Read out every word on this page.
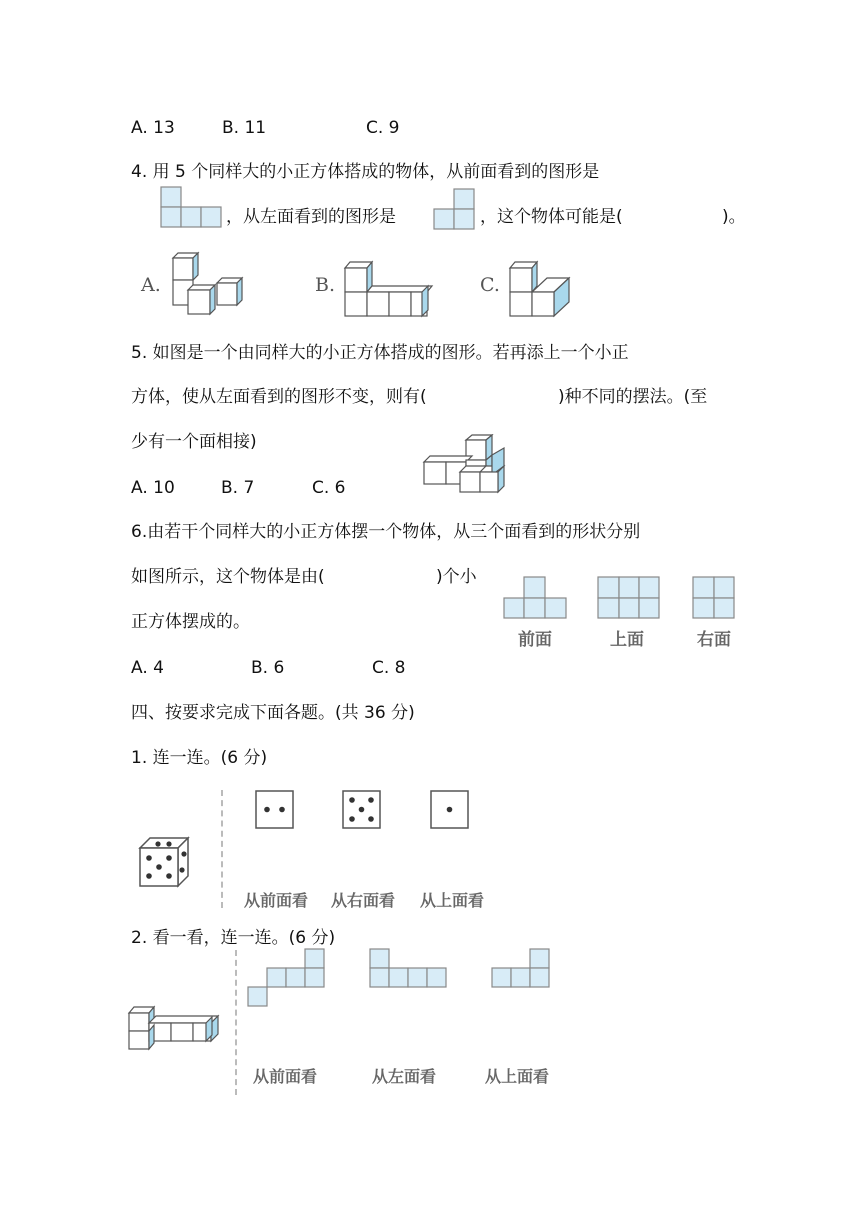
A. 13	B. 11	C. 9
4. 用 5 个同样大的小正方体搭成的物体，从前面看到的图形是
，从左面看到的图形是	，这个物体可能是(	)。
A.	B.	C.
5. 如图是一个由同样大的小正方体搭成的图形。若再添上一个小正
方体，使从左面看到的图形不变，则有(	)种不同的摆法。(至
少有一个面相接)
A. 10	B. 7	C. 6
6.由若干个同样大的小正方体摆一个物体，从三个面看到的形状分别
如图所示，这个物体是由(	)个小
正方体摆成的。
前面	上面	右面
A. 4	B. 6	C. 8
四、按要求完成下面各题。(共 36 分)
1. 连一连。(6 分)
从前面看 从右面看 从上面看
2. 看一看，连一连。(6 分)
从前面看	从左面看	从上面看
